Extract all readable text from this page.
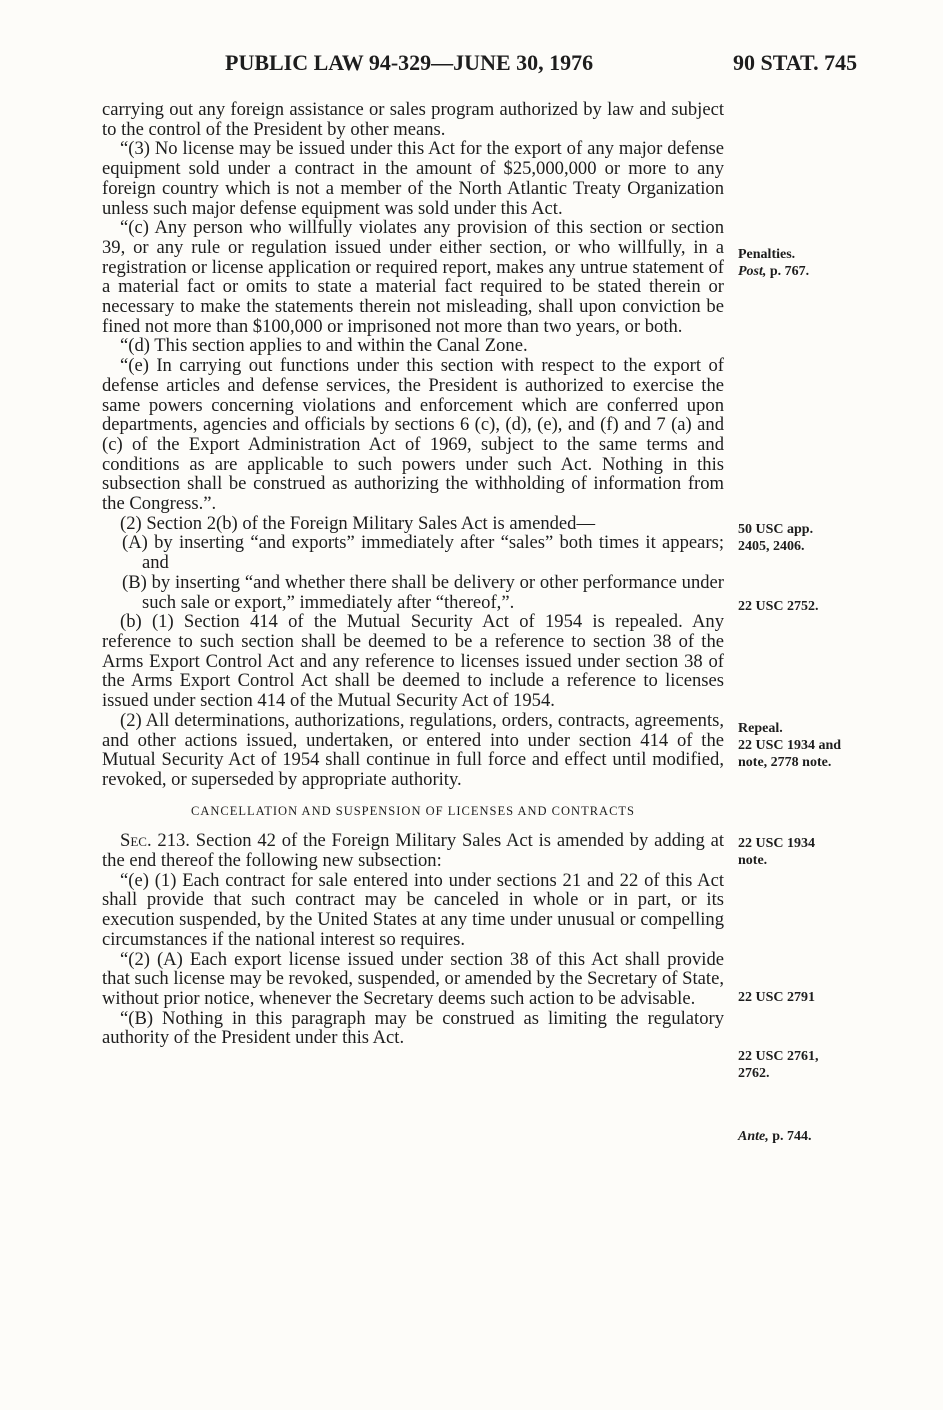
PUBLIC LAW 94-329—JUNE 30, 1976	90 STAT. 745

carrying out any foreign assistance or sales program authorized by law and subject to the control of the President by other means.

“(3) No license may be issued under this Act for the export of any major defense equipment sold under a contract in the amount of $25,000,000 or more to any foreign country which is not a member of the North Atlantic Treaty Organization unless such major defense equipment was sold under this Act.

“(c) Any person who willfully violates any provision of this section or section 39, or any rule or regulation issued under either section, or who willfully, in a registration or license application or required report, makes any untrue statement of a material fact or omits to state a material fact required to be stated therein or necessary to make the statements therein not misleading, shall upon conviction be fined not more than $100,000 or imprisoned not more than two years, or both.

“(d) This section applies to and within the Canal Zone.

“(e) In carrying out functions under this section with respect to the export of defense articles and defense services, the President is authorized to exercise the same powers concerning violations and enforcement which are conferred upon departments, agencies and officials by sections 6 (c), (d), (e), and (f) and 7 (a) and (c) of the Export Administration Act of 1969, subject to the same terms and conditions as are applicable to such powers under such Act. Nothing in this subsection shall be construed as authorizing the withholding of information from the Congress.”.

(2) Section 2(b) of the Foreign Military Sales Act is amended—

(A) by inserting “and exports” immediately after “sales” both times it appears; and

(B) by inserting “and whether there shall be delivery or other performance under such sale or export,” immediately after “thereof,”.

(b) (1) Section 414 of the Mutual Security Act of 1954 is repealed. Any reference to such section shall be deemed to be a reference to section 38 of the Arms Export Control Act and any reference to licenses issued under section 38 of the Arms Export Control Act shall be deemed to include a reference to licenses issued under section 414 of the Mutual Security Act of 1954.

(2) All determinations, authorizations, regulations, orders, contracts, agreements, and other actions issued, undertaken, or entered into under section 414 of the Mutual Security Act of 1954 shall continue in full force and effect until modified, revoked, or superseded by appropriate authority.

CANCELLATION AND SUSPENSION OF LICENSES AND CONTRACTS

Sec. 213. Section 42 of the Foreign Military Sales Act is amended by adding at the end thereof the following new subsection:

“(e) (1) Each contract for sale entered into under sections 21 and 22 of this Act shall provide that such contract may be canceled in whole or in part, or its execution suspended, by the United States at any time under unusual or compelling circumstances if the national interest so requires.

“(2) (A) Each export license issued under section 38 of this Act shall provide that such license may be revoked, suspended, or amended by the Secretary of State, without prior notice, whenever the Secretary deems such action to be advisable.

“(B) Nothing in this paragraph may be construed as limiting the regulatory authority of the President under this Act.

Penalties.
Post, p. 767.
50 USC app.
2405, 2406.
22 USC 2752.
Repeal.
22 USC 1934 and
note, 2778 note.
22 USC 1934
note.
22 USC 2791
22 USC 2761,
2762.
Ante, p. 744.
